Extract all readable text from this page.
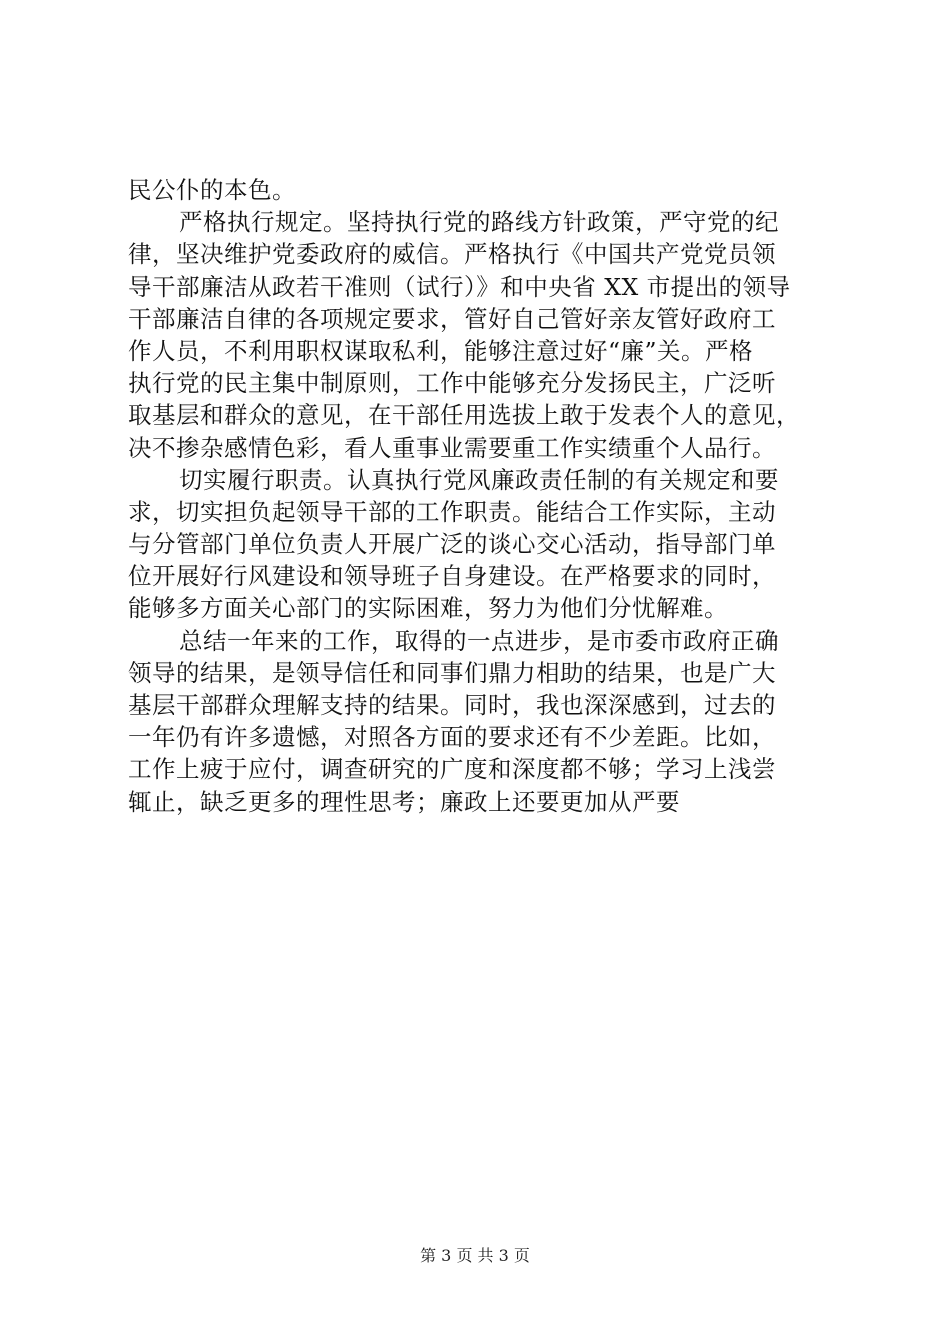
民公仆的本色。
严格执行规定。坚持执行党的路线方针政策，严守党的纪
律，坚决维护党委政府的威信。严格执行《中国共产党党员领
导干部廉洁从政若干准则（试行）》和中央省 XX 市提出的领导
干部廉洁自律的各项规定要求，管好自己管好亲友管好政府工
作人员，不利用职权谋取私利，能够注意过好“廉”关。严格
执行党的民主集中制原则，工作中能够充分发扬民主，广泛听
取基层和群众的意见，在干部任用选拔上敢于发表个人的意见，
决不掺杂感情色彩，看人重事业需要重工作实绩重个人品行。
切实履行职责。认真执行党风廉政责任制的有关规定和要
求，切实担负起领导干部的工作职责。能结合工作实际，主动
与分管部门单位负责人开展广泛的谈心交心活动，指导部门单
位开展好行风建设和领导班子自身建设。在严格要求的同时，
能够多方面关心部门的实际困难，努力为他们分忧解难。
总结一年来的工作，取得的一点进步，是市委市政府正确
领导的结果，是领导信任和同事们鼎力相助的结果，也是广大
基层干部群众理解支持的结果。同时，我也深深感到，过去的
一年仍有许多遗憾，对照各方面的要求还有不少差距。比如，
工作上疲于应付，调查研究的广度和深度都不够；学习上浅尝
辄止，缺乏更多的理性思考；廉政上还要更加从严要
第 3 页 共 3 页
